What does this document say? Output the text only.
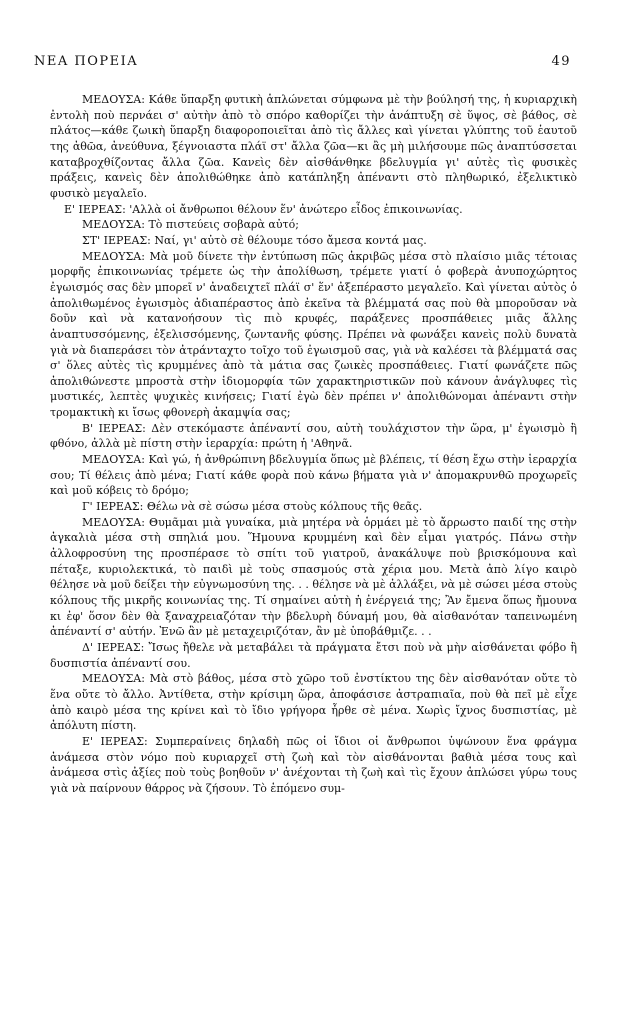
ΝΕΑ ΠΟΡΕΙΑ	49

ΜΕΔΟΥΣΑ: Κάθε ὕπαρξη φυτικὴ ἁπλώνεται σύμφωνα μὲ τὴν βούλησή της, ἡ κυριαρχικὴ ἐντολὴ ποὺ περνάει σ' αὐτὴν ἀπὸ τὸ σπόρο καθορίζει τὴν ἀνάπτυξη σὲ ὕψος, σὲ βάθος, σὲ πλάτος—κάθε ζωικὴ ὕπαρξη διαφοροποιεῖται ἀπὸ τὶς ἄλλες καὶ γίνεται γλύπτης τοῦ ἑαυτοῦ της ἀθῶα, ἀνεύθυνα, ξέγνοιαστα πλάϊ στ' ἄλλα ζῶα—κι ἂς μὴ μιλήσουμε πῶς ἀναπτύσσεται καταβροχθίζοντας ἄλλα ζῶα. Κανεὶς δὲν αἰσθάνθηκε βδελυγμία γι' αὐτὲς τὶς φυσικὲς πράξεις, κανεὶς δὲν ἀπολιθώθηκε ἀπὸ κατάπληξη ἀπέναντι στὸ πληθωρικό, ἐξελικτικὸ φυσικὸ μεγαλεῖο.

Ε' ΙΕΡΕΑΣ: 'Αλλὰ οἱ ἄνθρωποι θέλουν ἕν' ἀνώτερο εἶδος ἐπικοινωνίας.

ΜΕΔΟΥΣΑ: Τὸ πιστεύεις σοβαρὰ αὐτό;

ΣΤ' ΙΕΡΕΑΣ: Ναί, γι' αὐτὸ σὲ θέλουμε τόσο ἄμεσα κοντά μας.

ΜΕΔΟΥΣΑ: Μὰ μοῦ δίνετε τὴν ἐντύπωση πῶς ἀκριβῶς μέσα στὸ πλαίσιο μιᾶς τέτοιας μορφῆς ἐπικοινωνίας τρέμετε ὡς τὴν ἀπολίθωση, τρέμετε γιατί ὁ φοβερὰ ἀνυποχώρητος ἐγωισμός σας δὲν μπορεῖ ν' ἀναδειχτεῖ πλάϊ σ' ἕν' ἀξεπέραστο μεγαλεῖο. Καὶ γίνεται αὐτὸς ὁ ἀπολιθωμένος ἐγωισμὸς ἀδιαπέραστος ἀπὸ ἐκεῖνα τὰ βλέμματά σας ποὺ θὰ μποροῦσαν νὰ δοῦν καὶ νὰ κατανοήσουν τὶς πιὸ κρυφές, παράξενες προσπάθειες μιᾶς ἄλλης ἀναπτυσσόμενης, ἐξελισσόμενης, ζωντανῆς φύσης. Πρέπει νὰ φωνάξει κανεὶς πολὺ δυνατὰ γιὰ νὰ διαπεράσει τὸν ἀτράνταχτο τοῖχο τοῦ ἐγωισμοῦ σας, γιὰ νὰ καλέσει τὰ βλέμματά σας σ' ὅλες αὐτὲς τὶς κρυμμένες ἀπὸ τὰ μάτια σας ζωικὲς προσπάθειες. Γιατί φωνάζετε πῶς ἀπολιθώνεστε μπροστὰ στὴν ἰδιομορφία τῶν χαρακτηριστικῶν ποὺ κάνουν ἀνάγλυφες τὶς μυστικές, λεπτὲς ψυχικὲς κινήσεις; Γιατί ἐγὼ δὲν πρέπει ν' ἀπολιθώνομαι ἀπέναντι στὴν τρομακτικὴ κι ἴσως φθονερὴ ἀκαμψία σας;

Β' ΙΕΡΕΑΣ: Δὲν στεκόμαστε ἀπέναντί σου, αὐτὴ τουλάχιστον τὴν ὥρα, μ' ἐγωισμὸ ἢ φθόνο, ἀλλὰ μὲ πίστη στὴν ἱεραρχία: πρώτη ἡ 'Αθηνᾶ.

ΜΕΔΟΥΣΑ: Καὶ γώ, ἡ ἀνθρώπινη βδελυγμία ὅπως μὲ βλέπεις, τί θέση ἔχω στὴν ἱεραρχία σου; Τί θέλεις ἀπὸ μένα; Γιατί κάθε φορὰ ποὺ κάνω βήματα γιὰ ν' ἀπομακρυνθῶ προχωρεῖς καὶ μοῦ κόβεις τὸ δρόμο;

Γ' ΙΕΡΕΑΣ: Θέλω νὰ σὲ σώσω μέσα στοὺς κόλπους τῆς θεᾶς.

ΜΕΔΟΥΣΑ: Θυμᾶμαι μιὰ γυναίκα, μιὰ μητέρα νὰ ὁρμάει μὲ τὸ ἄρρωστο παιδί της στὴν ἀγκαλιὰ μέσα στὴ σπηλιά μου. Ἥμουνα κρυμμένη καὶ δὲν εἶμαι γιατρός. Πάνω στὴν ἀλλοφροσύνη της προσπέρασε τὸ σπίτι τοῦ γιατροῦ, ἀνακάλυψε ποὺ βρισκόμουνα καὶ πέταξε, κυριολεκτικά, τὸ παιδὶ μὲ τοὺς σπασμούς στὰ χέρια μου. Μετὰ ἀπὸ λίγο καιρὸ θέλησε νὰ μοῦ δείξει τὴν εὐγνωμοσύνη της. . . θέλησε νὰ μὲ ἀλλάξει, νὰ μὲ σώσει μέσα στοὺς κόλπους τῆς μικρῆς κοινωνίας της. Τί σημαίνει αὐτὴ ἡ ἐνέργειά της; Ἂν ἔμενα ὅπως ἤμουνα κι ἐφ' ὅσον δὲν θὰ ξαναχρειαζόταν τὴν βδελυρὴ δύναμή μου, θὰ αἰσθανόταν ταπεινωμένη ἀπέναντί σ' αὐτήν. Ἐνῶ ἂν μὲ μεταχειριζόταν, ἂν μὲ ὑποβάθμιζε. . .

Δ' ΙΕΡΕΑΣ: Ἴσως ἤθελε νὰ μεταβάλει τὰ πράγματα ἔτσι ποὺ νὰ μὴν αἰσθάνεται φόβο ἢ δυσπιστία ἀπέναντί σου.

ΜΕΔΟΥΣΑ: Μὰ στὸ βάθος, μέσα στὸ χῶρο τοῦ ἐνστίκτου της δὲν αἰσθανόταν οὔτε τὸ ἕνα οὔτε τὸ ἄλλο. Ἀντίθετα, στὴν κρίσιμη ὥρα, ἀποφάσισε ἀστραπιαῖα, ποὺ θὰ πεῖ μὲ εἶχε ἀπὸ καιρὸ μέσα της κρίνει καὶ τὸ ἴδιο γρήγορα ἦρθε σὲ μένα. Χωρὶς ἴχνος δυσπιστίας, μὲ ἀπόλυτη πίστη.

Ε' ΙΕΡΕΑΣ: Συμπεραίνεις δηλαδὴ πῶς οἱ ἴδιοι οἱ ἄνθρωποι ὑψώνουν ἕνα φράγμα ἀνάμεσα στὸν νόμο ποὺ κυριαρχεῖ στὴ ζωὴ καὶ τὸν αἰσθάνονται βαθιὰ μέσα τους καὶ ἀνάμεσα στὶς ἀξίες ποὺ τοὺς βοηθοῦν ν' ἀνέχονται τὴ ζωὴ καὶ τὶς ἔχουν ἁπλώσει γύρω τους γιὰ νὰ παίρνουν θάρρος νὰ ζήσουν. Τὸ ἑπόμενο συμ-
